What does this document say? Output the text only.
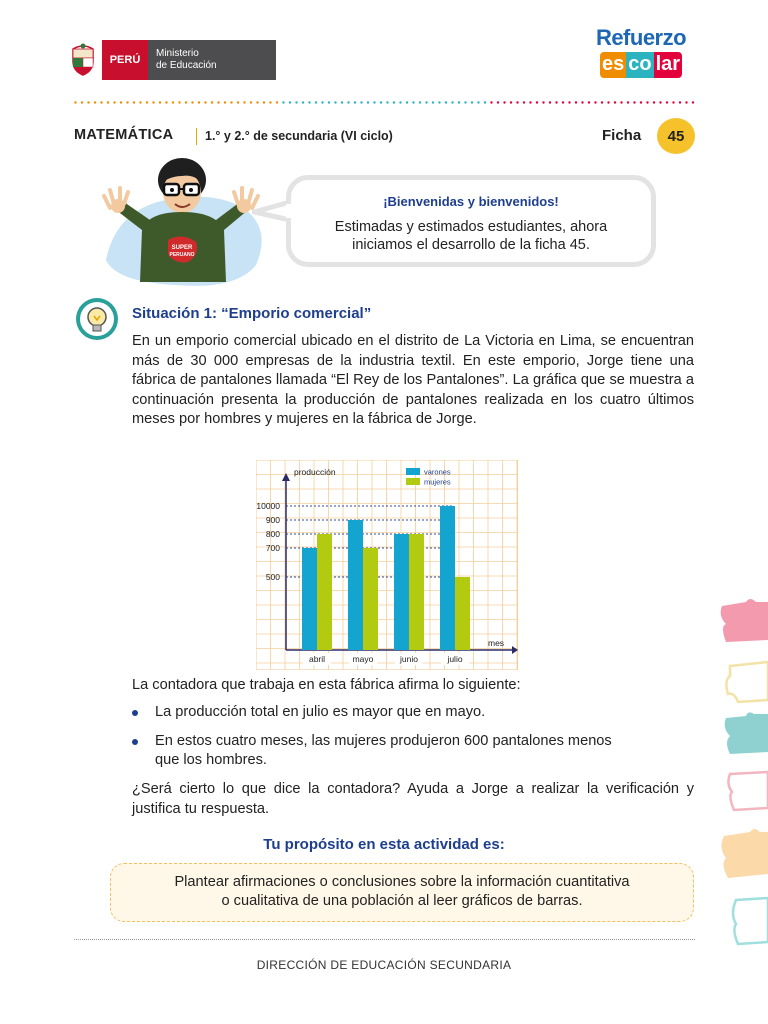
PERÚ
Ministerio
de Educación
Refuerzo
es co lar
MATEMÁTICA	1.° y 2.° de secundaria (VI ciclo)	Ficha	45
SUPER
PERUANO
¡Bienvenidas y bienvenidos!
Estimadas y estimados estudiantes, ahora
iniciamos el desarrollo de la ficha 45.
Situación 1: “Emporio comercial”
En un emporio comercial ubicado en el distrito de La Victoria en Lima, se encuentran más de 30 000 empresas de la industria textil. En este emporio, Jorge tiene una fábrica de pantalones llamada “El Rey de los Pantalones”. La gráfica que se muestra a continuación presenta la producción de pantalones realizada en los cuatro últimos meses por hombres y mujeres en la fábrica de Jorge.
producción
mes
500
700
800
900
10000
varones
mujeres
abril	mayo	junio	julio
La contadora que trabaja en esta fábrica afirma lo siguiente:
La producción total en julio es mayor que en mayo.
En estos cuatro meses, las mujeres produjeron 600 pantalones menos
que los hombres.
¿Será cierto lo que dice la contadora? Ayuda a Jorge a realizar la verificación y justifica tu respuesta.
Tu propósito en esta actividad es:
Plantear afirmaciones o conclusiones sobre la información cuantitativa
o cualitativa de una población al leer gráficos de barras.
DIRECCIÓN DE EDUCACIÓN SECUNDARIA
